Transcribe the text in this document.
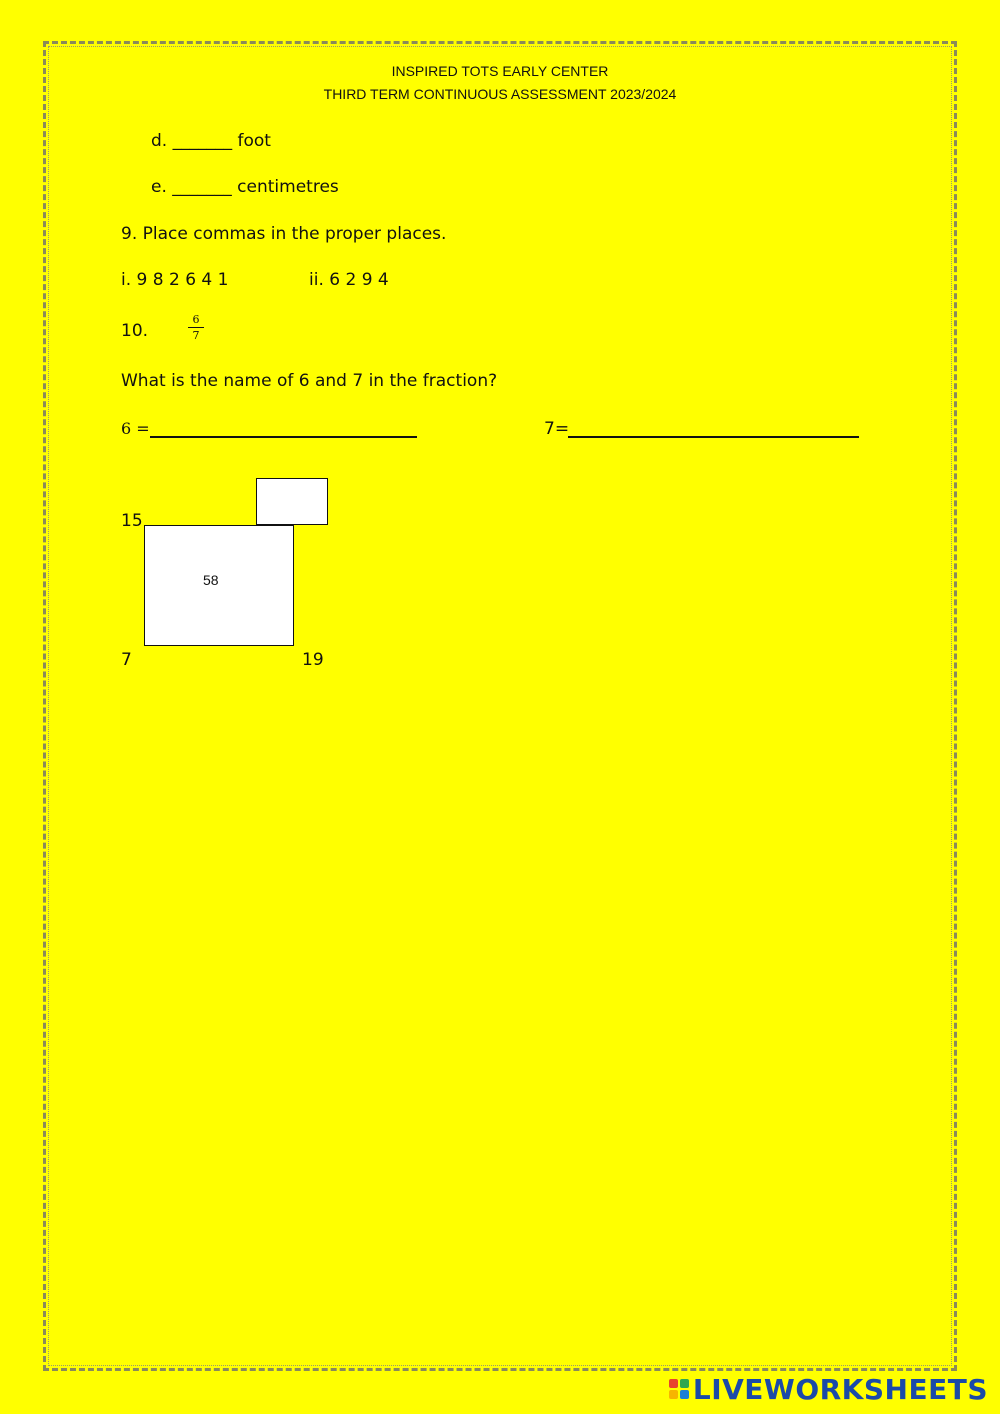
INSPIRED TOTS EARLY CENTER
THIRD TERM CONTINUOUS ASSESSMENT 2023/2024
d. _______ foot
e. _______ centimetres
9. Place commas in the proper places.
i. 9 8 2 6 4 1	ii. 6 2 9 4
10.
6
7
What is the name of 6 and 7 in the fraction?
6 =	7=
58
15
7	19
LIVEWORKSHEETS
